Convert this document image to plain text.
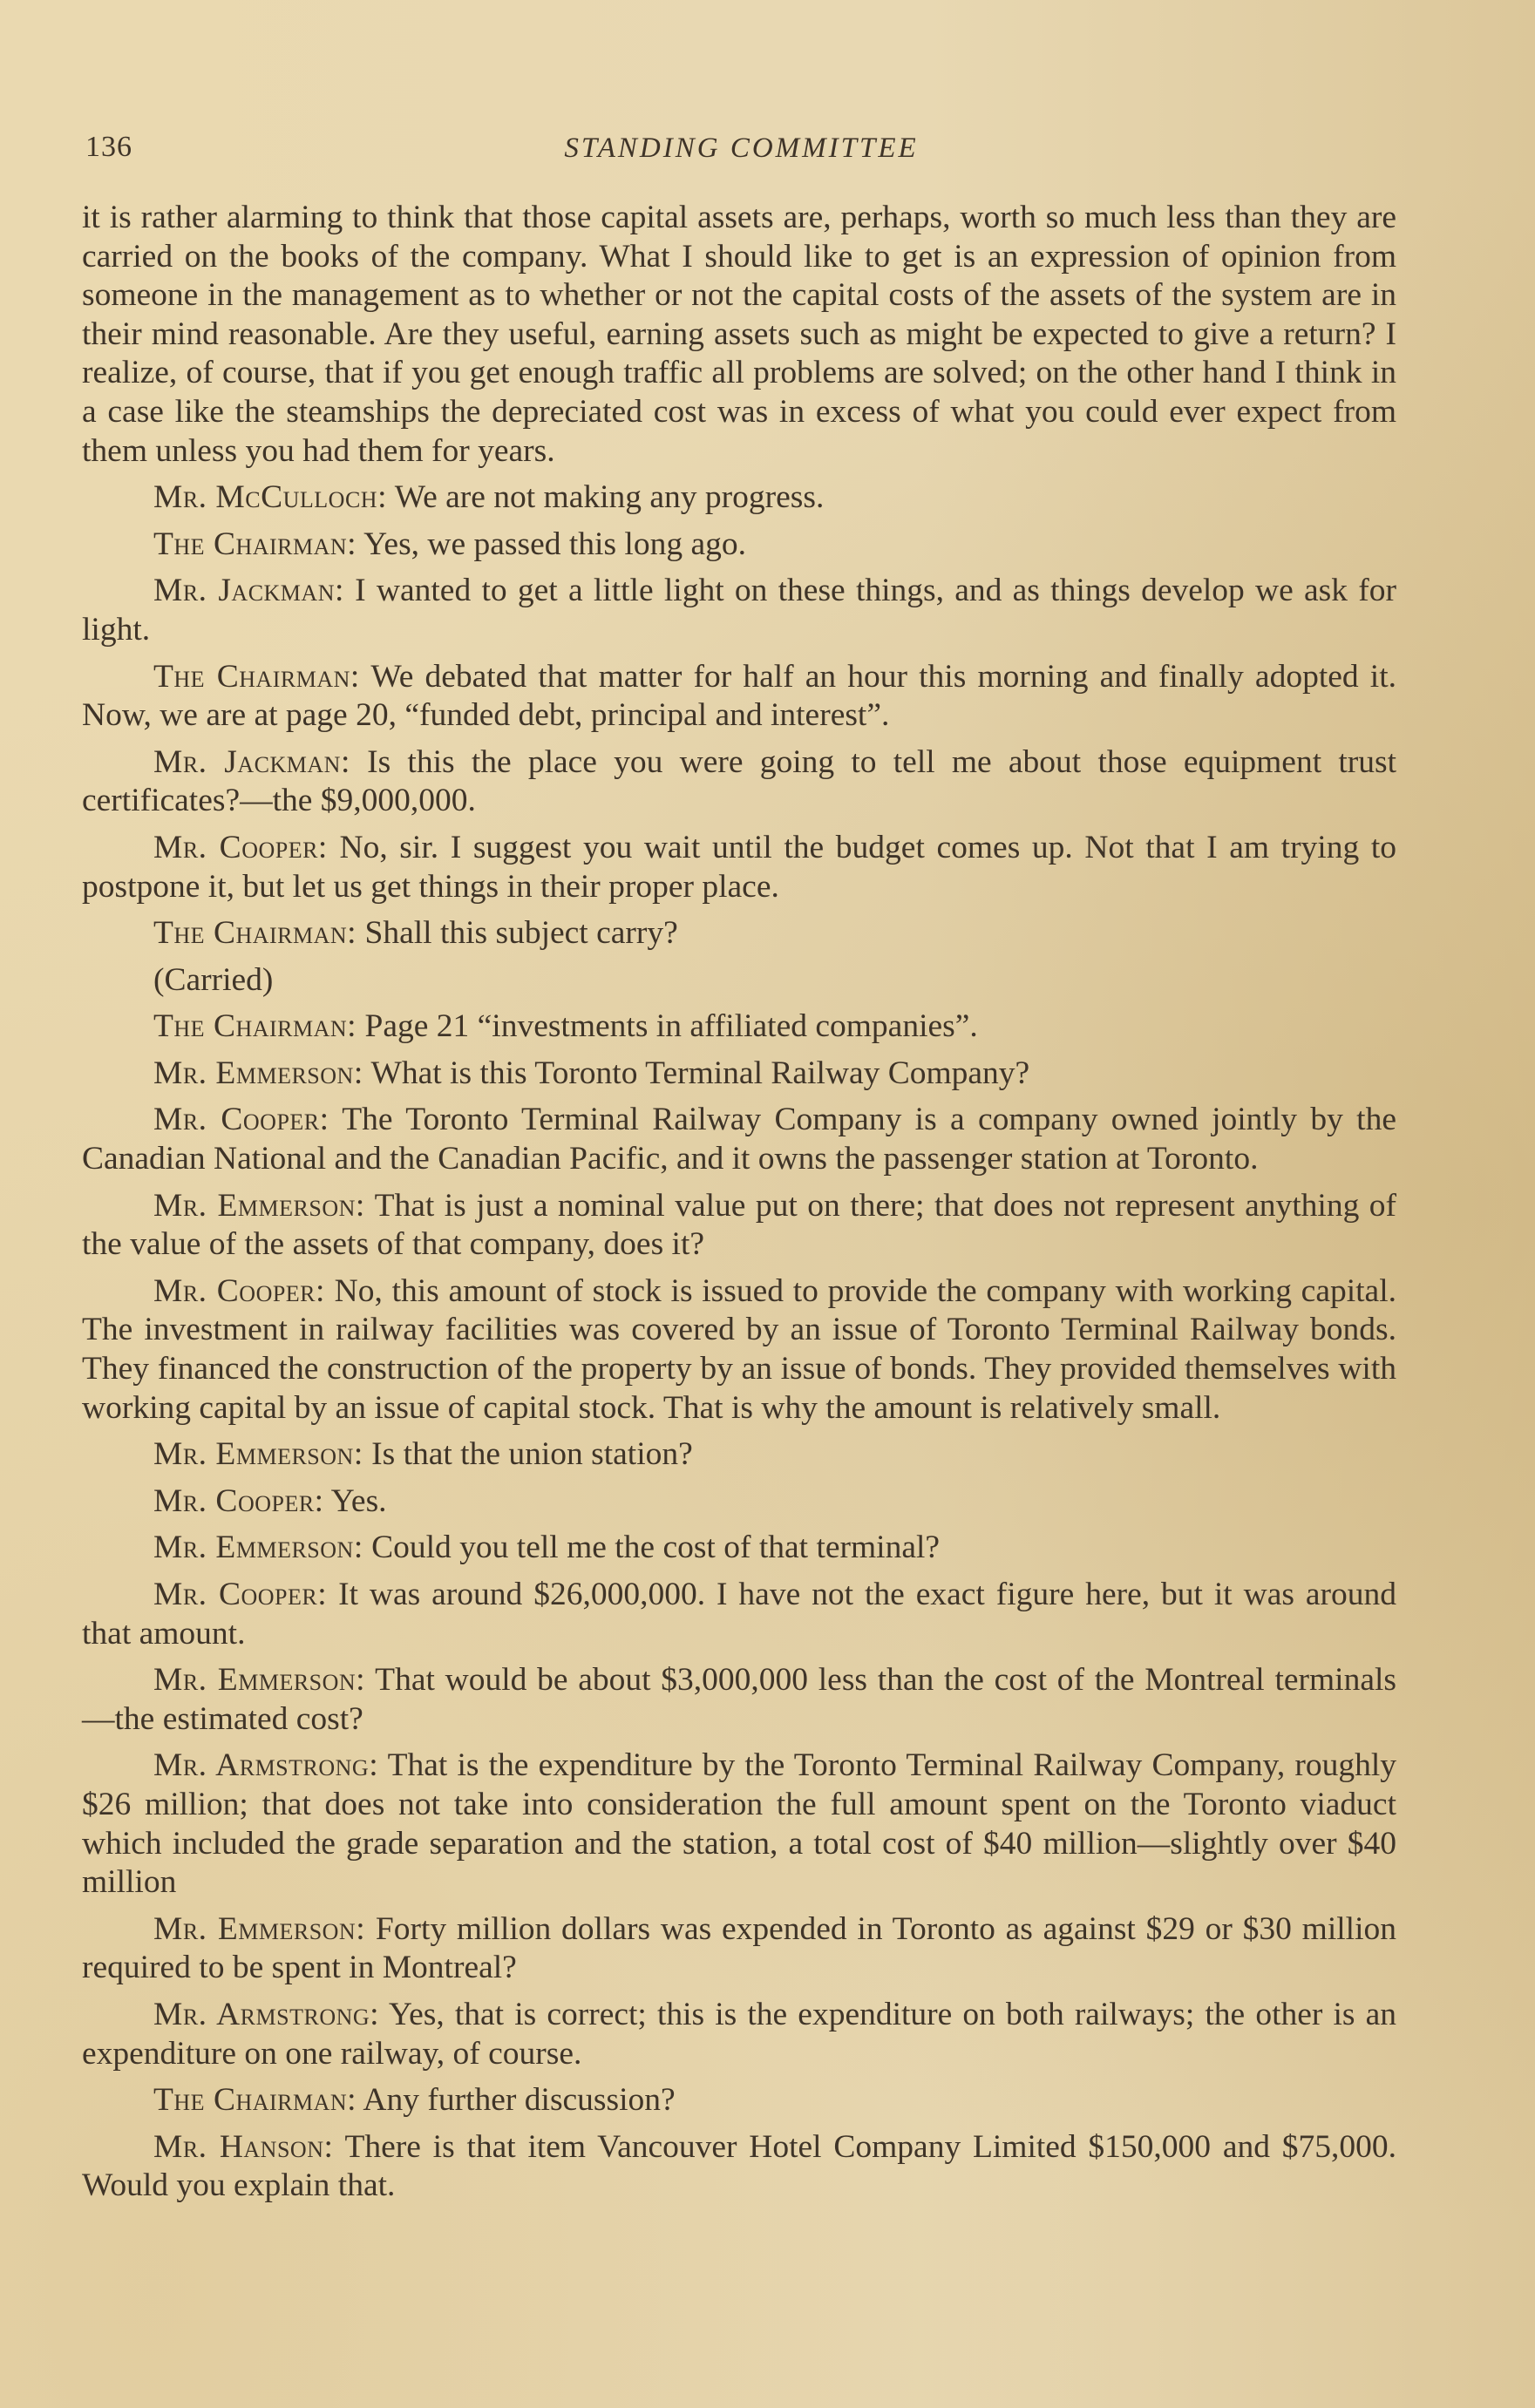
136	STANDING COMMITTEE

it is rather alarming to think that those capital assets are, perhaps, worth so much less than they are carried on the books of the company. What I should like to get is an expression of opinion from someone in the management as to whether or not the capital costs of the assets of the system are in their mind reasonable. Are they useful, earning assets such as might be expected to give a return? I realize, of course, that if you get enough traffic all problems are solved; on the other hand I think in a case like the steamships the depreciated cost was in excess of what you could ever expect from them unless you had them for years.

Mr. McCulloch: We are not making any progress.

The Chairman: Yes, we passed this long ago.

Mr. Jackman: I wanted to get a little light on these things, and as things develop we ask for light.

The Chairman: We debated that matter for half an hour this morning and finally adopted it. Now, we are at page 20, “funded debt, principal and interest”.

Mr. Jackman: Is this the place you were going to tell me about those equipment trust certificates?—the $9,000,000.

Mr. Cooper: No, sir. I suggest you wait until the budget comes up. Not that I am trying to postpone it, but let us get things in their proper place.

The Chairman: Shall this subject carry?

(Carried)

The Chairman: Page 21 “investments in affiliated companies”.

Mr. Emmerson: What is this Toronto Terminal Railway Company?

Mr. Cooper: The Toronto Terminal Railway Company is a company owned jointly by the Canadian National and the Canadian Pacific, and it owns the passenger station at Toronto.

Mr. Emmerson: That is just a nominal value put on there; that does not represent anything of the value of the assets of that company, does it?

Mr. Cooper: No, this amount of stock is issued to provide the company with working capital. The investment in railway facilities was covered by an issue of Toronto Terminal Railway bonds. They financed the construction of the property by an issue of bonds. They provided themselves with working capital by an issue of capital stock. That is why the amount is relatively small.

Mr. Emmerson: Is that the union station?

Mr. Cooper: Yes.

Mr. Emmerson: Could you tell me the cost of that terminal?

Mr. Cooper: It was around $26,000,000. I have not the exact figure here, but it was around that amount.

Mr. Emmerson: That would be about $3,000,000 less than the cost of the Montreal terminals—the estimated cost?

Mr. Armstrong: That is the expenditure by the Toronto Terminal Railway Company, roughly $26 million; that does not take into consideration the full amount spent on the Toronto viaduct which included the grade separation and the station, a total cost of $40 million—slightly over $40 million

Mr. Emmerson: Forty million dollars was expended in Toronto as against $29 or $30 million required to be spent in Montreal?

Mr. Armstrong: Yes, that is correct; this is the expenditure on both railways; the other is an expenditure on one railway, of course.

The Chairman: Any further discussion?

Mr. Hanson: There is that item Vancouver Hotel Company Limited $150,000 and $75,000. Would you explain that.
